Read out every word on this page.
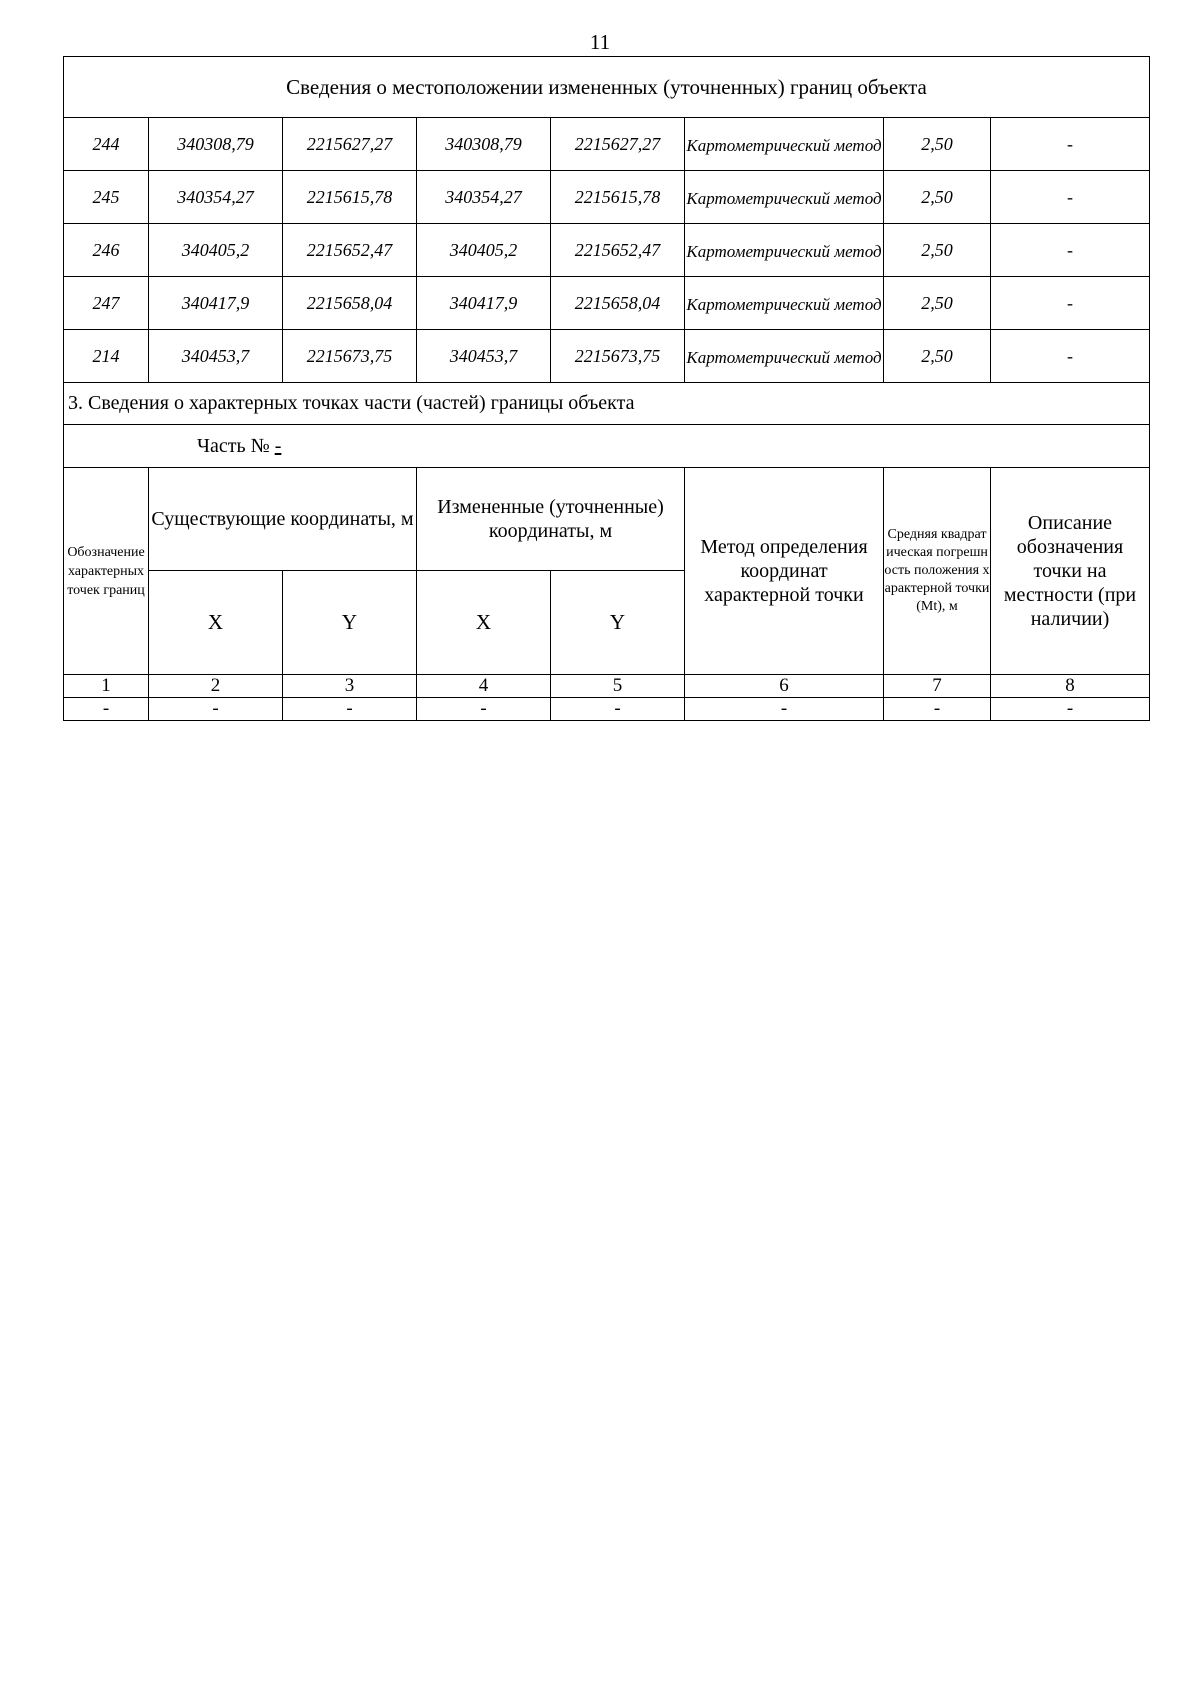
11
Сведения о местоположении измененных (уточненных) границ объекта							
244	340308,79	2215627,27	340308,79	2215627,27	Картометрический метод	2,50	-
245	340354,27	2215615,78	340354,27	2215615,78	Картометрический метод	2,50	-
246	340405,2	2215652,47	340405,2	2215652,47	Картометрический метод	2,50	-
247	340417,9	2215658,04	340417,9	2215658,04	Картометрический метод	2,50	-
214	340453,7	2215673,75	340453,7	2215673,75	Картометрический метод	2,50	-
3. Сведения о характерных точках части (частей) границы объекта							
Часть № -							
Обозначение характерных точек границ	Существующие координаты, м		Измененные (уточненные) координаты, м		Метод определения координат характерной точки	Средняя квадратическая погрешность положения характерной точки (Mt), м	Описание обозначения точки на местности (при наличии)
	X	Y	X	Y			
1	2	3	4	5	6	7	8
-	-	-	-	-	-	-	-
